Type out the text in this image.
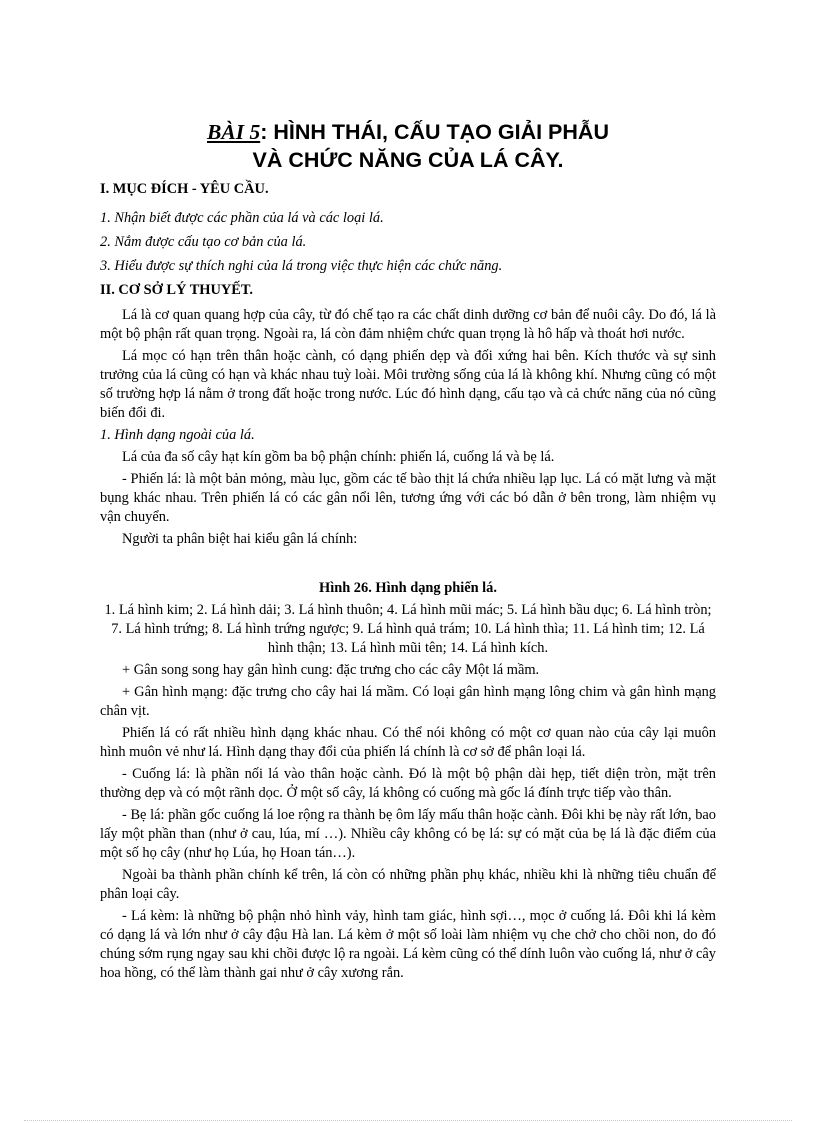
BÀI 5: HÌNH THÁI, CẤU TẠO GIẢI PHẪU
VÀ CHỨC NĂNG CỦA LÁ CÂY.
I. MỤC ĐÍCH - YÊU CẦU.
1. Nhận biết được các phần của lá và các loại lá.
2. Nắm được cấu tạo cơ bản của lá.
3. Hiểu được sự thích nghi của lá trong việc thực hiện các chức năng.
II. CƠ SỞ LÝ THUYẾT.

Lá là cơ quan quang hợp của cây, từ đó chế tạo ra các chất dinh dưỡng cơ bản để nuôi cây. Do đó, lá là một bộ phận rất quan trọng. Ngoài ra, lá còn đảm nhiệm chức quan trọng là hô hấp và thoát hơi nước.

Lá mọc có hạn trên thân hoặc cành, có dạng phiến dẹp và đối xứng hai bên. Kích thước và sự sinh trưởng của lá cũng có hạn và khác nhau tuỳ loài. Môi trường sống của lá là không khí. Nhưng cũng có một số trường hợp lá nằm ở trong đất hoặc trong nước. Lúc đó hình dạng, cấu tạo và cả chức năng của nó cũng biến đổi đi.

1. Hình dạng ngoài của lá.

Lá của đa số cây hạt kín gồm ba bộ phận chính: phiến lá, cuống lá và bẹ lá.

- Phiến lá: là một bản mỏng, màu lục, gồm các tế bào thịt lá chứa nhiều lạp lục. Lá có mặt lưng và mặt bụng khác nhau. Trên phiến lá có các gân nổi lên, tương ứng với các bó dẫn ở bên trong, làm nhiệm vụ vận chuyển.

Người ta phân biệt hai kiểu gân lá chính:

Hình 26. Hình dạng phiến lá.
1. Lá hình kim; 2. Lá hình dải; 3. Lá hình thuôn; 4. Lá hình mũi mác; 5. Lá hình bầu dục; 6. Lá hình tròn; 7. Lá hình trứng; 8. Lá hình trứng ngược; 9. Lá hình quả trám; 10. Lá hình thìa; 11. Lá hình tim; 12. Lá hình thận; 13. Lá hình mũi tên; 14. Lá hình kích.

+ Gân song song hay gân hình cung: đặc trưng cho các cây Một lá mầm.

+ Gân hình mạng: đặc trưng cho cây hai lá mầm. Có loại gân hình mạng lông chim và gân hình mạng chân vịt.

Phiến lá có rất nhiều hình dạng khác nhau. Có thể nói không có một cơ quan nào của cây lại muôn hình muôn vẻ như lá. Hình dạng thay đổi của phiến lá chính là cơ sở để phân loại lá.

- Cuống lá: là phần nối lá vào thân hoặc cành. Đó là một bộ phận dài hẹp, tiết diện tròn, mặt trên thường dẹp và có một rãnh dọc. Ở một số cây, lá không có cuống mà gốc lá đính trực tiếp vào thân.

- Bẹ lá: phần gốc cuống lá loe rộng ra thành bẹ ôm lấy mấu thân hoặc cành. Đôi khi bẹ này rất lớn, bao lấy một phần than (như ở cau, lúa, mí …). Nhiều cây không có bẹ lá: sự có mặt của bẹ lá là đặc điểm của một số họ cây (như họ Lúa, họ Hoan tán…).

Ngoài ba thành phần chính kể trên, lá còn có những phần phụ khác, nhiều khi là những tiêu chuẩn để phân loại cây.

- Lá kèm: là những bộ phận nhỏ hình vảy, hình tam giác, hình sợi…, mọc ở cuống lá. Đôi khi lá kèm có dạng lá và lớn như ở cây đậu Hà lan. Lá kèm ở một số loài làm nhiệm vụ che chở cho chồi non, do đó chúng sớm rụng ngay sau khi chồi được lộ ra ngoài. Lá kèm cũng có thể dính luôn vào cuống lá, như ở cây hoa hồng, có thể làm thành gai như ở cây xương rắn.
